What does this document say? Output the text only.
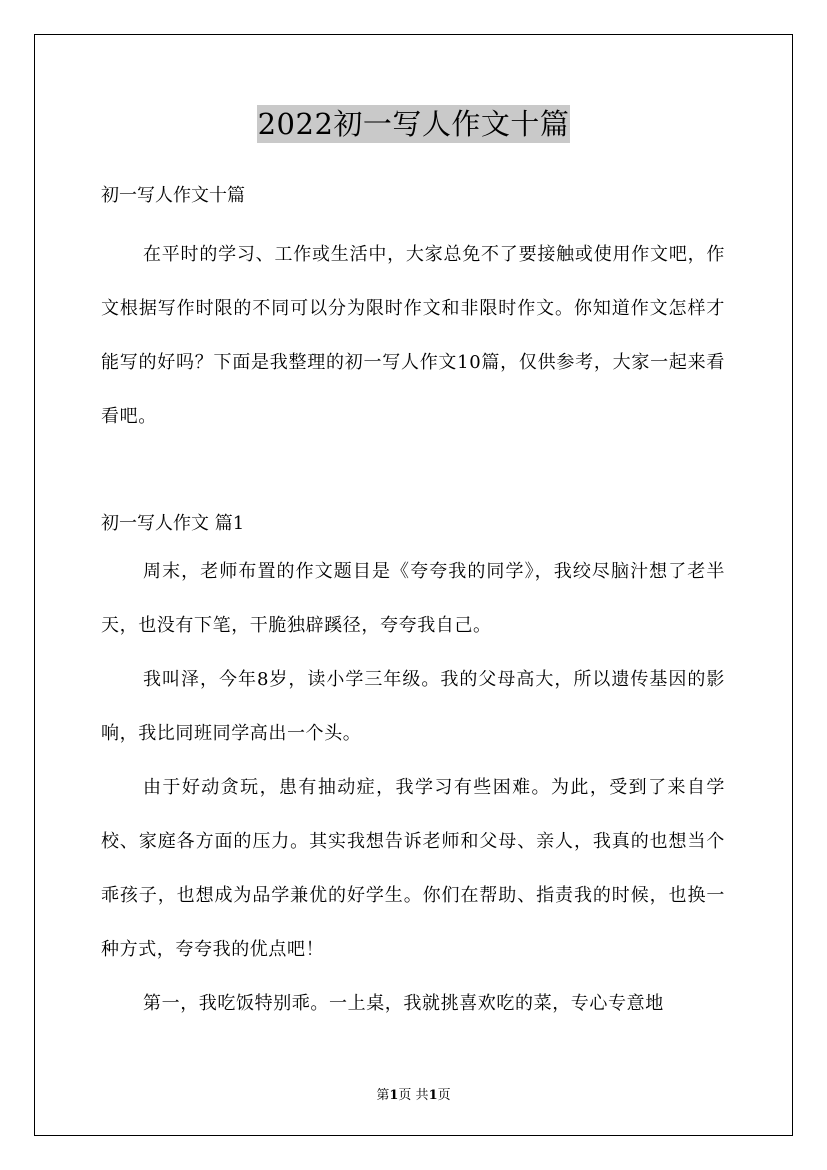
2022初一写人作文十篇

初一写人作文十篇

在平时的学习、工作或生活中，大家总免不了要接触或使用作文吧，作文根据写作时限的不同可以分为限时作文和非限时作文。你知道作文怎样才能写的好吗？下面是我整理的初一写人作文10篇，仅供参考，大家一起来看看吧。

初一写人作文 篇1

周末，老师布置的作文题目是《夸夸我的同学》，我绞尽脑汁想了老半天，也没有下笔，干脆独辟蹊径，夸夸我自己。

我叫泽，今年8岁，读小学三年级。我的父母高大，所以遗传基因的影响，我比同班同学高出一个头。

由于好动贪玩，患有抽动症，我学习有些困难。为此，受到了来自学校、家庭各方面的压力。其实我想告诉老师和父母、亲人，我真的也想当个乖孩子，也想成为品学兼优的好学生。你们在帮助、指责我的时候，也换一种方式，夸夸我的优点吧！

第一，我吃饭特别乖。一上桌，我就挑喜欢吃的菜，专心专意地

第1页 共1页
